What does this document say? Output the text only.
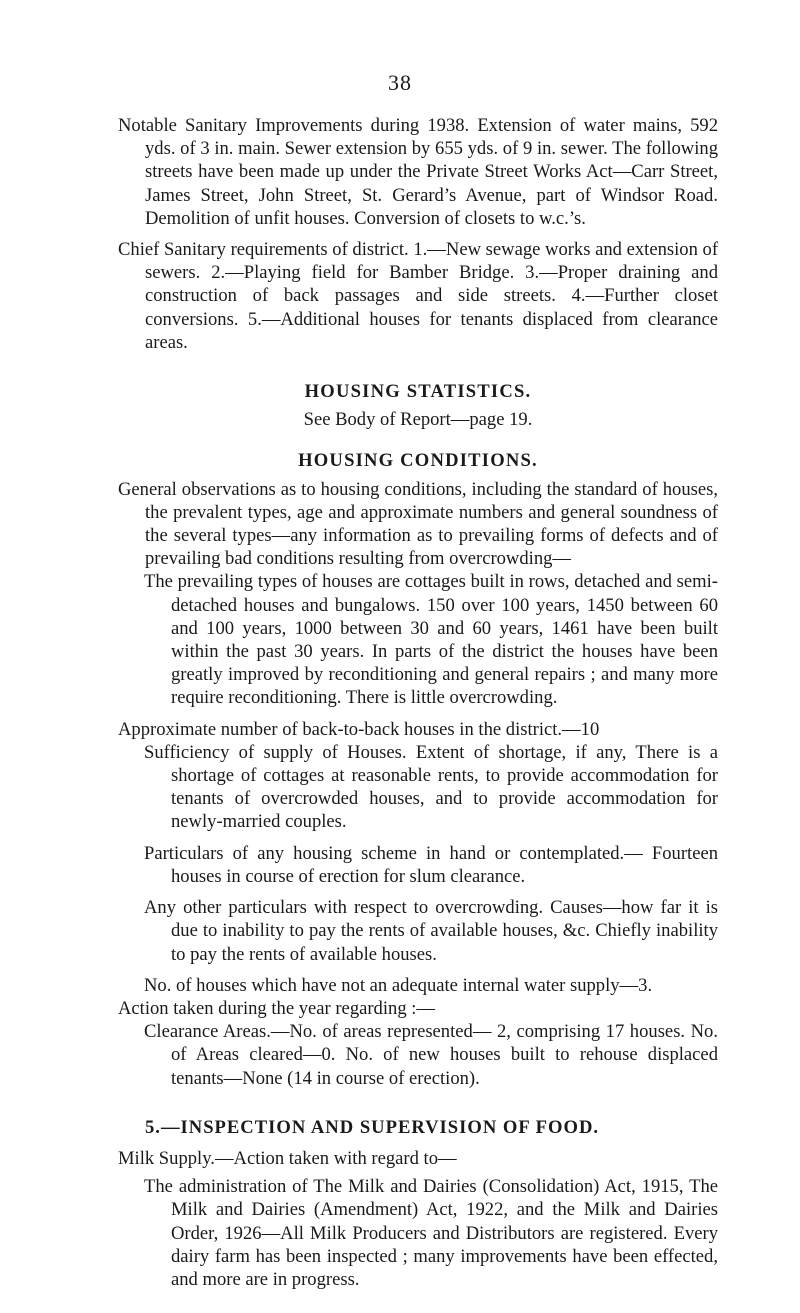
38

Notable Sanitary Improvements during 1938. Extension of water mains, 592 yds. of 3 in. main. Sewer extension by 655 yds. of 9 in. sewer. The following streets have been made up under the Private Street Works Act—Carr Street, James Street, John Street, St. Gerard’s Avenue, part of Windsor Road. Demolition of unfit houses. Conversion of closets to w.c.’s.

Chief Sanitary requirements of district. 1.—New sewage works and extension of sewers. 2.—Playing field for Bamber Bridge. 3.—Proper draining and construction of back passages and side streets. 4.—Further closet conversions. 5.—Additional houses for tenants displaced from clearance areas.

HOUSING STATISTICS.

See Body of Report—page 19.

HOUSING CONDITIONS.

General observations as to housing conditions, including the standard of houses, the prevalent types, age and approximate numbers and general soundness of the several types—any information as to prevailing forms of defects and of prevailing bad conditions resulting from overcrowding—

The prevailing types of houses are cottages built in rows, detached and semi-detached houses and bungalows. 150 over 100 years, 1450 between 60 and 100 years, 1000 between 30 and 60 years, 1461 have been built within the past 30 years. In parts of the district the houses have been greatly improved by reconditioning and general repairs ; and many more require reconditioning. There is little overcrowding.

Approximate number of back-to-back houses in the district.—10

Sufficiency of supply of Houses. Extent of shortage, if any, There is a shortage of cottages at reasonable rents, to provide accommodation for tenants of overcrowded houses, and to provide accommodation for newly-married couples.

Particulars of any housing scheme in hand or contemplated.— Fourteen houses in course of erection for slum clearance.

Any other particulars with respect to overcrowding. Causes—how far it is due to inability to pay the rents of available houses, &c. Chiefly inability to pay the rents of available houses.

No. of houses which have not an adequate internal water supply—3.

Action taken during the year regarding :—

Clearance Areas.—No. of areas represented— 2, comprising 17 houses. No. of Areas cleared—0. No. of new houses built to rehouse displaced tenants—None (14 in course of erection).

5.—INSPECTION AND SUPERVISION OF FOOD.

Milk Supply.—Action taken with regard to—

The administration of The Milk and Dairies (Consolidation) Act, 1915, The Milk and Dairies (Amendment) Act, 1922, and the Milk and Dairies Order, 1926—All Milk Producers and Distributors are registered. Every dairy farm has been inspected ; many improvements have been effected, and more are in progress.
